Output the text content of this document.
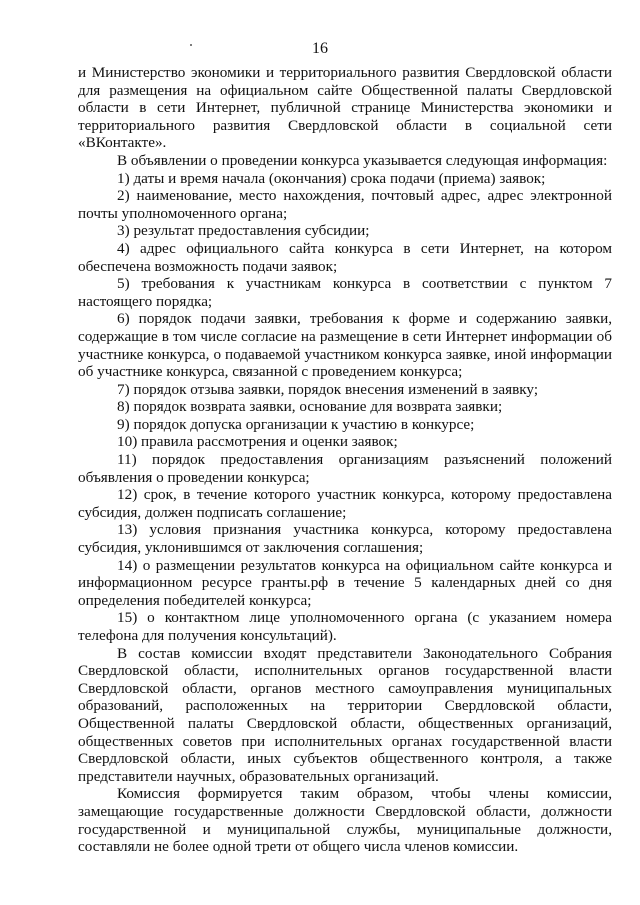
16

и Министерство экономики и территориального развития Свердловской области для размещения на официальном сайте Общественной палаты Свердловской области в сети Интернет, публичной странице Министерства экономики и территориального развития Свердловской области в социальной сети «ВКонтакте».

В объявлении о проведении конкурса указывается следующая информация:

1) даты и время начала (окончания) срока подачи (приема) заявок;

2) наименование, место нахождения, почтовый адрес, адрес электронной почты уполномоченного органа;

3) результат предоставления субсидии;

4) адрес официального сайта конкурса в сети Интернет, на котором обеспечена возможность подачи заявок;

5) требования к участникам конкурса в соответствии с пунктом 7 настоящего порядка;

6) порядок подачи заявки, требования к форме и содержанию заявки, содержащие в том числе согласие на размещение в сети Интернет информации об участнике конкурса, о подаваемой участником конкурса заявке, иной информации об участнике конкурса, связанной с проведением конкурса;

7) порядок отзыва заявки, порядок внесения изменений в заявку;

8) порядок возврата заявки, основание для возврата заявки;

9) порядок допуска организации к участию в конкурсе;

10) правила рассмотрения и оценки заявок;

11) порядок предоставления организациям разъяснений положений объявления о проведении конкурса;

12) срок, в течение которого участник конкурса, которому предоставлена субсидия, должен подписать соглашение;

13) условия признания участника конкурса, которому предоставлена субсидия, уклонившимся от заключения соглашения;

14) о размещении результатов конкурса на официальном сайте конкурса и информационном ресурсе гранты.рф в течение 5 календарных дней со дня определения победителей конкурса;

15) о контактном лице уполномоченного органа (с указанием номера телефона для получения консультаций).

В состав комиссии входят представители Законодательного Собрания Свердловской области, исполнительных органов государственной власти Свердловской области, органов местного самоуправления муниципальных образований, расположенных на территории Свердловской области, Общественной палаты Свердловской области, общественных организаций, общественных советов при исполнительных органах государственной власти Свердловской области, иных субъектов общественного контроля, а также представители научных, образовательных организаций.

Комиссия формируется таким образом, чтобы члены комиссии, замещающие государственные должности Свердловской области, должности государственной и муниципальной службы, муниципальные должности, составляли не более одной трети от общего числа членов комиссии.
